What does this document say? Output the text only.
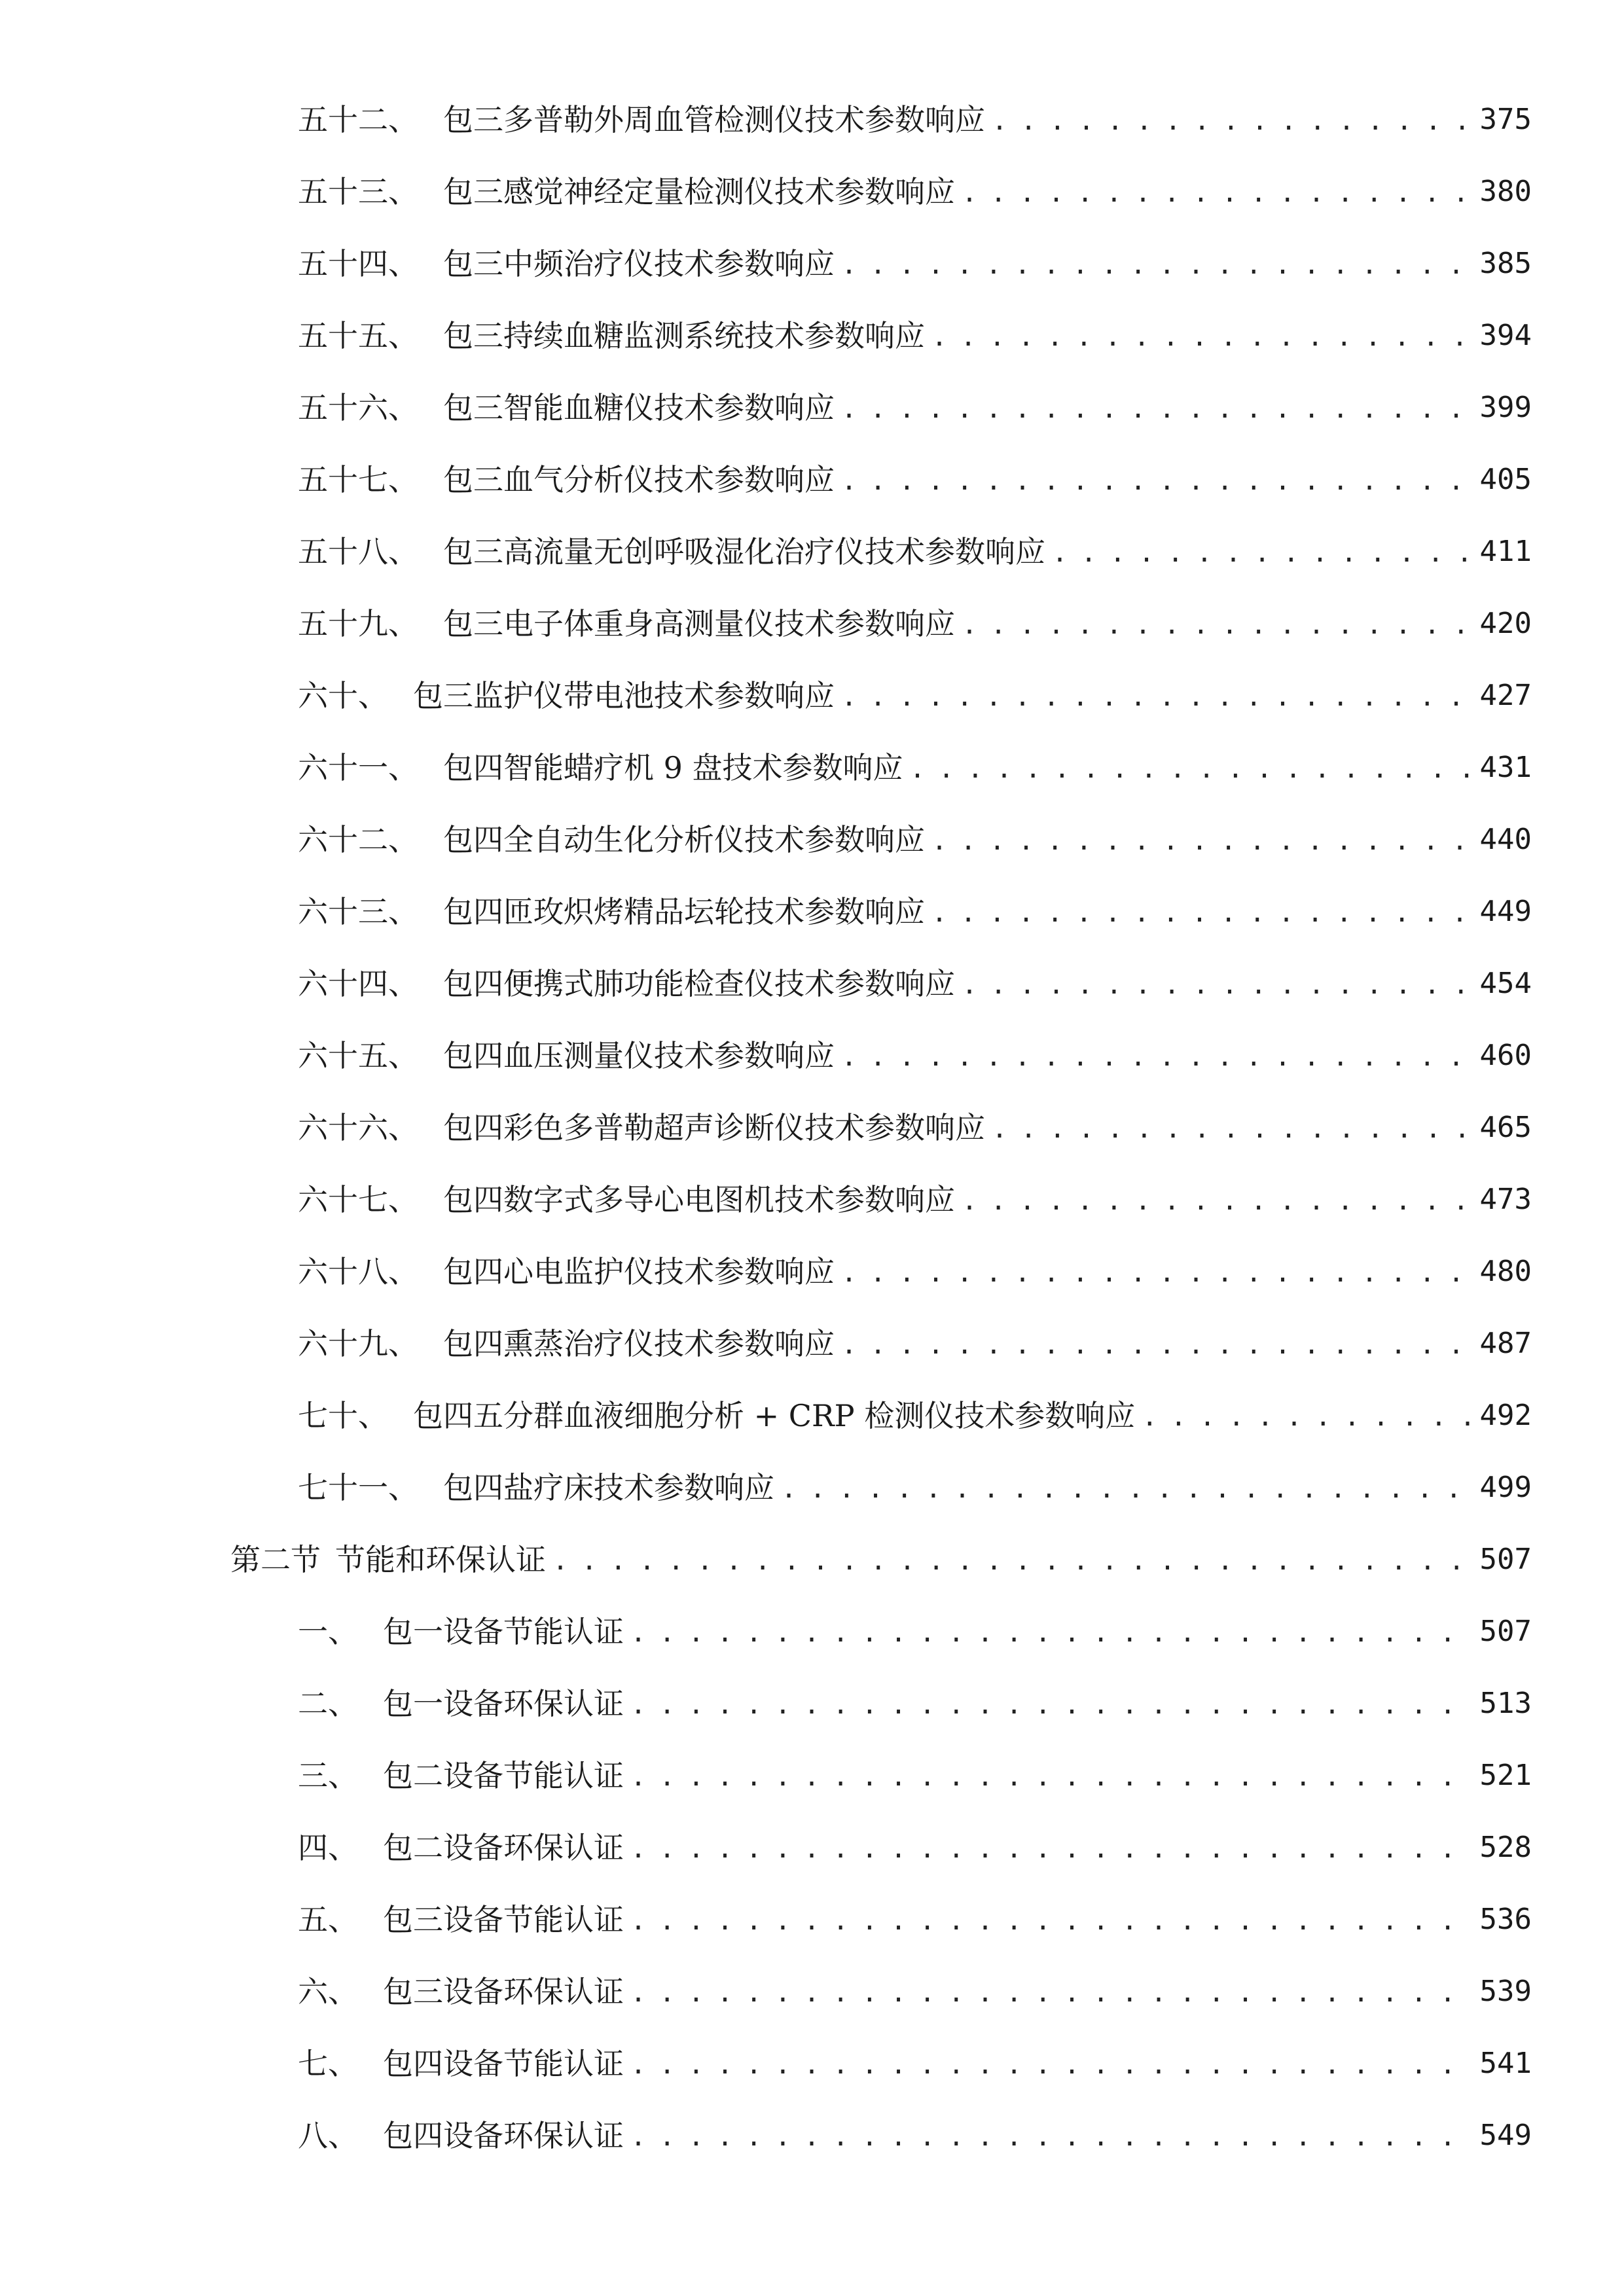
五十二、 包三多普勒外周血管检测仪技术参数响应 . . .	375
五十三、 包三感觉神经定量检测仪技术参数响应 . . .	380
五十四、 包三中频治疗仪技术参数响应 . . .	385
五十五、 包三持续血糖监测系统技术参数响应 . . .	394
五十六、 包三智能血糖仪技术参数响应 . . .	399
五十七、 包三血气分析仪技术参数响应 . . .	405
五十八、 包三高流量无创呼吸湿化治疗仪技术参数响应 . . .	411
五十九、 包三电子体重身高测量仪技术参数响应 . . .	420
六十、 包三监护仪带电池技术参数响应 . . .	427
六十一、 包四智能蜡疗机 9 盘技术参数响应 . . .	431
六十二、 包四全自动生化分析仪技术参数响应 . . .	440
六十三、 包四匝玫炽烤精品坛轮技术参数响应 . . .	449
六十四、 包四便携式肺功能检查仪技术参数响应 . . .	454
六十五、 包四血压测量仪技术参数响应 . . .	460
六十六、 包四彩色多普勒超声诊断仪技术参数响应 . . .	465
六十七、 包四数字式多导心电图机技术参数响应 . . .	473
六十八、 包四心电监护仪技术参数响应 . . .	480
六十九、 包四熏蒸治疗仪技术参数响应 . . .	487
七十、 包四五分群血液细胞分析 + CRP 检测仪技术参数响应 . . .	492
七十一、 包四盐疗床技术参数响应 . . .	499
第二节 节能和环保认证 . . .	507
一、 包一设备节能认证 . . .	507
二、 包一设备环保认证 . . .	513
三、 包二设备节能认证 . . .	521
四、 包二设备环保认证 . . .	528
五、 包三设备节能认证 . . .	536
六、 包三设备环保认证 . . .	539
七、 包四设备节能认证 . . .	541
八、 包四设备环保认证 . . .	549
